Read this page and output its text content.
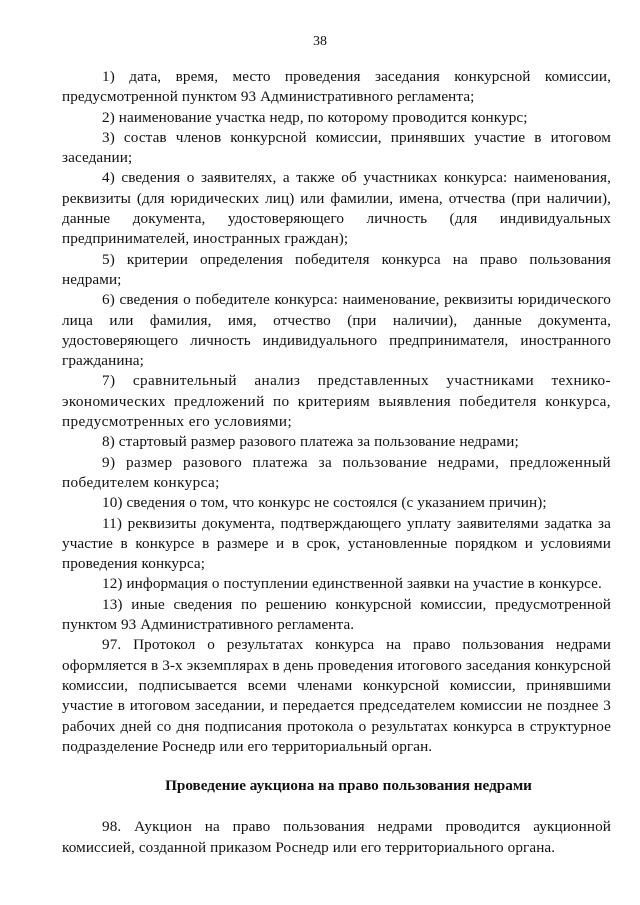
38

1) дата, время, место проведения заседания конкурсной комиссии, предусмотренной пунктом 93 Административного регламента;

2) наименование участка недр, по которому проводится конкурс;

3) состав членов конкурсной комиссии, принявших участие в итоговом заседании;

4) сведения о заявителях, а также об участниках конкурса: наименования, реквизиты (для юридических лиц) или фамилии, имена, отчества (при наличии), данные документа, удостоверяющего личность (для индивидуальных предпринимателей, иностранных граждан);

5) критерии определения победителя конкурса на право пользования недрами;

6) сведения о победителе конкурса: наименование, реквизиты юридического лица или фамилия, имя, отчество (при наличии), данные документа, удостоверяющего личность индивидуального предпринимателя, иностранного гражданина;

7) сравнительный анализ представленных участниками технико-экономических предложений по критериям выявления победителя конкурса, предусмотренных его условиями;

8) стартовый размер разового платежа за пользование недрами;

9) размер разового платежа за пользование недрами, предложенный победителем конкурса;

10) сведения о том, что конкурс не состоялся (с указанием причин);

11) реквизиты документа, подтверждающего уплату заявителями задатка за участие в конкурсе в размере и в срок, установленные порядком и условиями проведения конкурса;

12) информация о поступлении единственной заявки на участие в конкурсе.

13) иные сведения по решению конкурсной комиссии, предусмотренной пунктом 93 Административного регламента.

97. Протокол о результатах конкурса на право пользования недрами оформляется в 3-х экземплярах в день проведения итогового заседания конкурсной комиссии, подписывается всеми членами конкурсной комиссии, принявшими участие в итоговом заседании, и передается председателем комиссии не позднее 3 рабочих дней со дня подписания протокола о результатах конкурса в структурное подразделение Роснедр или его территориальный орган.

Проведение аукциона на право пользования недрами

98. Аукцион на право пользования недрами проводится аукционной комиссией, созданной приказом Роснедр или его территориального органа.
